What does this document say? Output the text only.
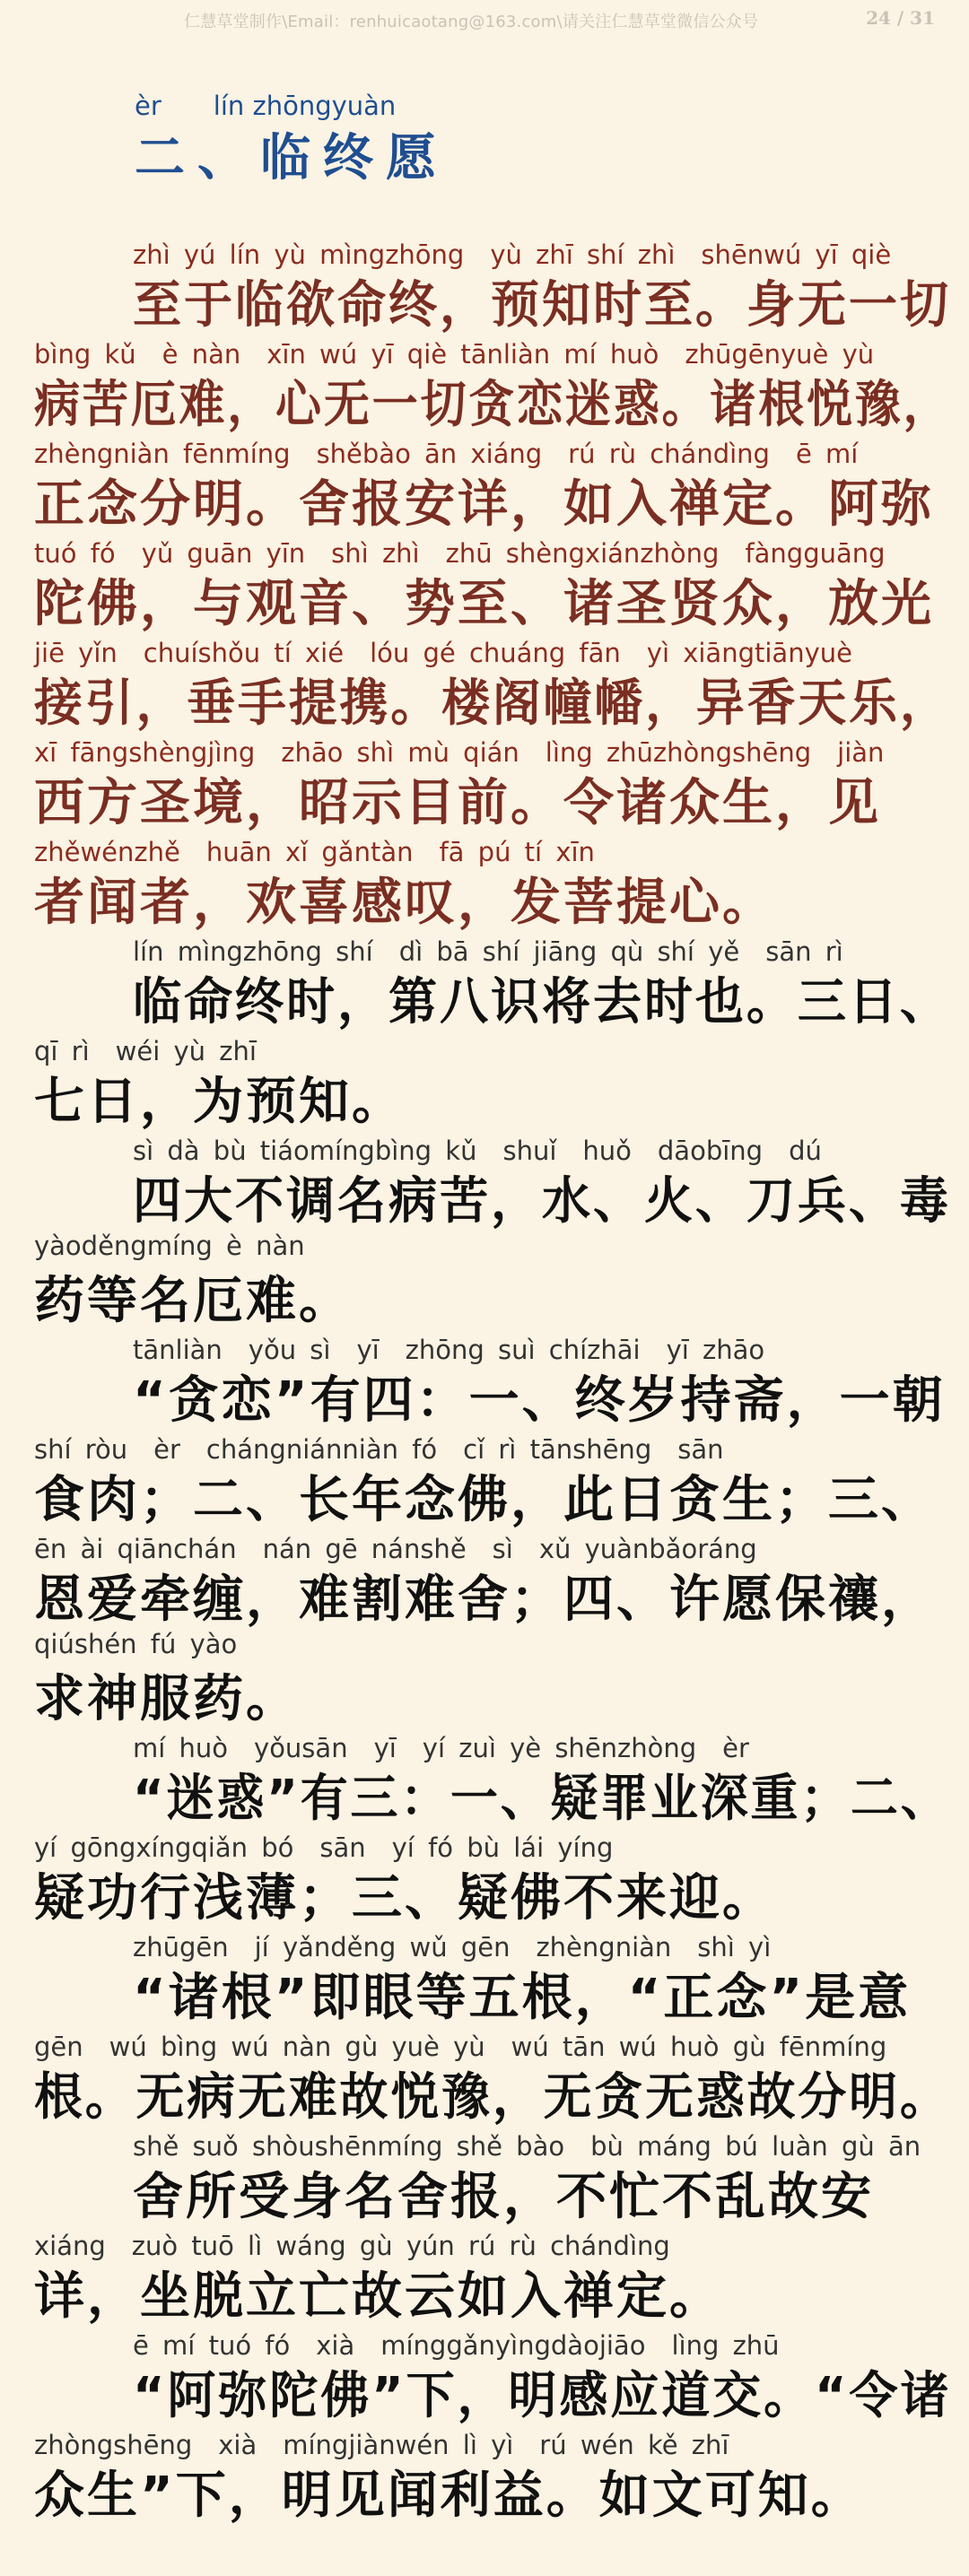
仁慧草堂制作\Email：renhuicaotang@163.com\请关注仁慧草堂微信公众号	24 / 31
èr　　lín zhōngyuàn
二、临终愿
zhì yú lín yù mìngzhōng　yù zhī shí zhì　shēnwú yī qiè
至于临欲命终，预知时至。身无一切
bìng kǔ　è nàn　xīn wú yī qiè tānliàn mí huò　zhūgēnyuè yù
病苦厄难，心无一切贪恋迷惑。诸根悦豫，
zhèngniàn fēnmíng　shěbào ān xiáng　rú rù chándìng　ē mí
正念分明。舍报安详，如入禅定。阿弥
tuó fó　yǔ guān yīn　shì zhì　zhū shèngxiánzhòng　fàngguāng
陀佛，与观音、势至、诸圣贤众，放光
jiē yǐn　chuíshǒu tí xié　lóu gé chuáng fān　yì xiāngtiānyuè
接引，垂手提携。楼阁幢幡，异香天乐，
xī fāngshèngjìng　zhāo shì mù qián　lìng zhūzhòngshēng　jiàn
西方圣境，昭示目前。令诸众生，见
zhěwénzhě　huān xǐ gǎntàn　fā pú tí xīn
者闻者，欢喜感叹，发菩提心。
lín mìngzhōng shí　dì bā shí jiāng qù shí yě　sān rì
临命终时，第八识将去时也。三日、
qī rì　wéi yù zhī
七日，为预知。
sì dà bù tiáomíngbìng kǔ　shuǐ　huǒ　dāobīng　dú
四大不调名病苦，水、火、刀兵、毒
yàoděngmíng è nàn
药等名厄难。
tānliàn　yǒu sì　yī　zhōng suì chízhāi　yī zhāo
“贪恋”有四：一、终岁持斋，一朝
shí ròu　èr　chángniánniàn fó　cǐ rì tānshēng　sān
食肉；二、长年念佛，此日贪生；三、
ēn ài qiānchán　nán gē nánshě　sì　xǔ yuànbǎoráng
恩爱牵缠，难割难舍；四、许愿保禳，
qiúshén fú yào
求神服药。
mí huò　yǒusān　yī　yí zuì yè shēnzhòng　èr
“迷惑”有三：一、疑罪业深重；二、
yí gōngxíngqiǎn bó　sān　yí fó bù lái yíng
疑功行浅薄；三、疑佛不来迎。
zhūgēn　jí yǎnděng wǔ gēn　zhèngniàn　shì yì
“诸根”即眼等五根，“正念”是意
gēn　wú bìng wú nàn gù yuè yù　wú tān wú huò gù fēnmíng
根。无病无难故悦豫，无贪无惑故分明。
shě suǒ shòushēnmíng shě bào　bù máng bú luàn gù ān
舍所受身名舍报，不忙不乱故安
xiáng　zuò tuō lì wáng gù yún rú rù chándìng
详，坐脱立亡故云如入禅定。
ē mí tuó fó　xià　mínggǎnyìngdàojiāo　lìng zhū
“阿弥陀佛”下，明感应道交。“令诸
zhòngshēng　xià　míngjiànwén lì yì　rú wén kě zhī
众生”下，明见闻利益。如文可知。
